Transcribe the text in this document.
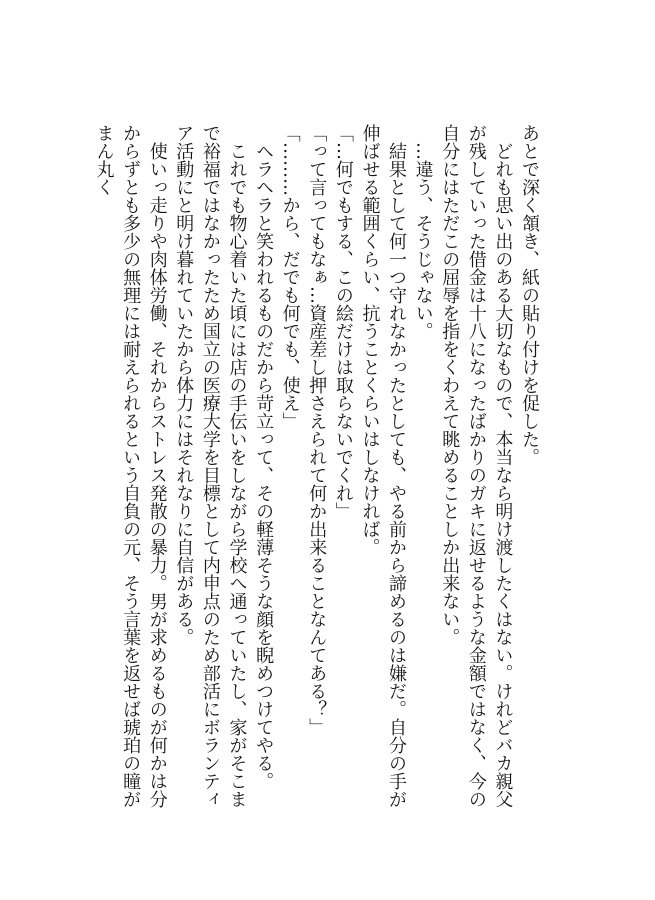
あとで深く頷き、紙の貼り付けを促した。

　どれも思い出のある大切なもので、本当なら明け渡したくはない。けれどバカ親父が残していった借金は十八になったばかりのガキに返せるような金額ではなく、今の自分にはただこの屈辱を指をくわえて眺めることしか出来ない。

　…違う、そうじゃない。

　結果として何一つ守れなかったとしても、やる前から諦めるのは嫌だ。自分の手が伸ばせる範囲くらい、抗うことくらいはしなければ。

「…何でもする、この絵だけは取らないでくれ」

「って言ってもなぁ…資産差し押さえられて何か出来ることなんてある？」

「………から、だでも何でも、使え」

　ヘラヘラと笑われるものだから苛立って、その軽薄そうな顔を睨めつけてやる。

　これでも物心着いた頃には店の手伝いをしながら学校へ通っていたし、家がそこまで裕福ではなかったため国立の医療大学を目標として内申点のため部活にボランティア活動にと明け暮れていたから体力にはそれなりに自信がある。

　使いっ走りや肉体労働、それからストレス発散の暴力。男が求めるものが何かは分からずとも多少の無理には耐えられるという自負の元、そう言葉を返せば琥珀の瞳がまん丸く
